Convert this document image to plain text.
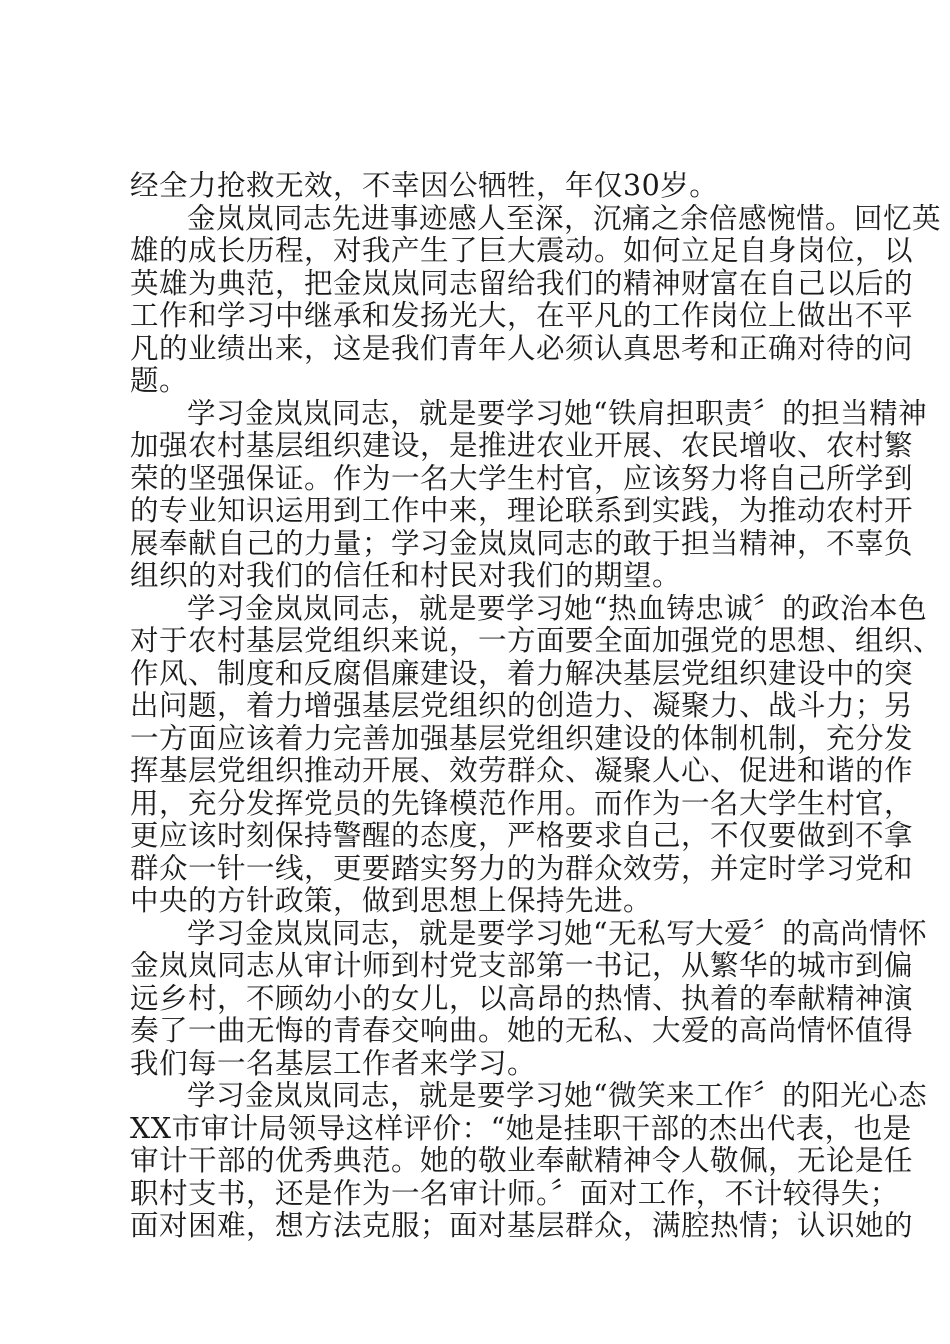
经全力抢救无效，不幸因公牺牲，年仅30岁。
金岚岚同志先进事迹感人至深，沉痛之余倍感惋惜。回忆英
雄的成长历程，对我产生了巨大震动。如何立足自身岗位，以
英雄为典范，把金岚岚同志留给我们的精神财富在自己以后的
工作和学习中继承和发扬光大，在平凡的工作岗位上做出不平
凡的业绩出来，这是我们青年人必须认真思考和正确对待的问
题。
学习金岚岚同志，就是要学习她“铁肩担职责〞的担当精神
加强农村基层组织建设，是推进农业开展、农民增收、农村繁
荣的坚强保证。作为一名大学生村官，应该努力将自己所学到
的专业知识运用到工作中来，理论联系到实践，为推动农村开
展奉献自己的力量；学习金岚岚同志的敢于担当精神，不辜负
组织的对我们的信任和村民对我们的期望。
学习金岚岚同志，就是要学习她“热血铸忠诚〞的政治本色
对于农村基层党组织来说，一方面要全面加强党的思想、组织、
作风、制度和反腐倡廉建设，着力解决基层党组织建设中的突
出问题，着力增强基层党组织的创造力、凝聚力、战斗力；另
一方面应该着力完善加强基层党组织建设的体制机制，充分发
挥基层党组织推动开展、效劳群众、凝聚人心、促进和谐的作
用，充分发挥党员的先锋模范作用。而作为一名大学生村官，
更应该时刻保持警醒的态度，严格要求自己，不仅要做到不拿
群众一针一线，更要踏实努力的为群众效劳，并定时学习党和
中央的方针政策，做到思想上保持先进。
学习金岚岚同志，就是要学习她“无私写大爱〞的高尚情怀
金岚岚同志从审计师到村党支部第一书记，从繁华的城市到偏
远乡村，不顾幼小的女儿，以高昂的热情、执着的奉献精神演
奏了一曲无悔的青春交响曲。她的无私、大爱的高尚情怀值得
我们每一名基层工作者来学习。
学习金岚岚同志，就是要学习她“微笑来工作〞的阳光心态
XX市审计局领导这样评价：“她是挂职干部的杰出代表，也是
审计干部的优秀典范。她的敬业奉献精神令人敬佩，无论是任
职村支书，还是作为一名审计师。〞面对工作，不计较得失；
面对困难，想方法克服；面对基层群众，满腔热情；认识她的
